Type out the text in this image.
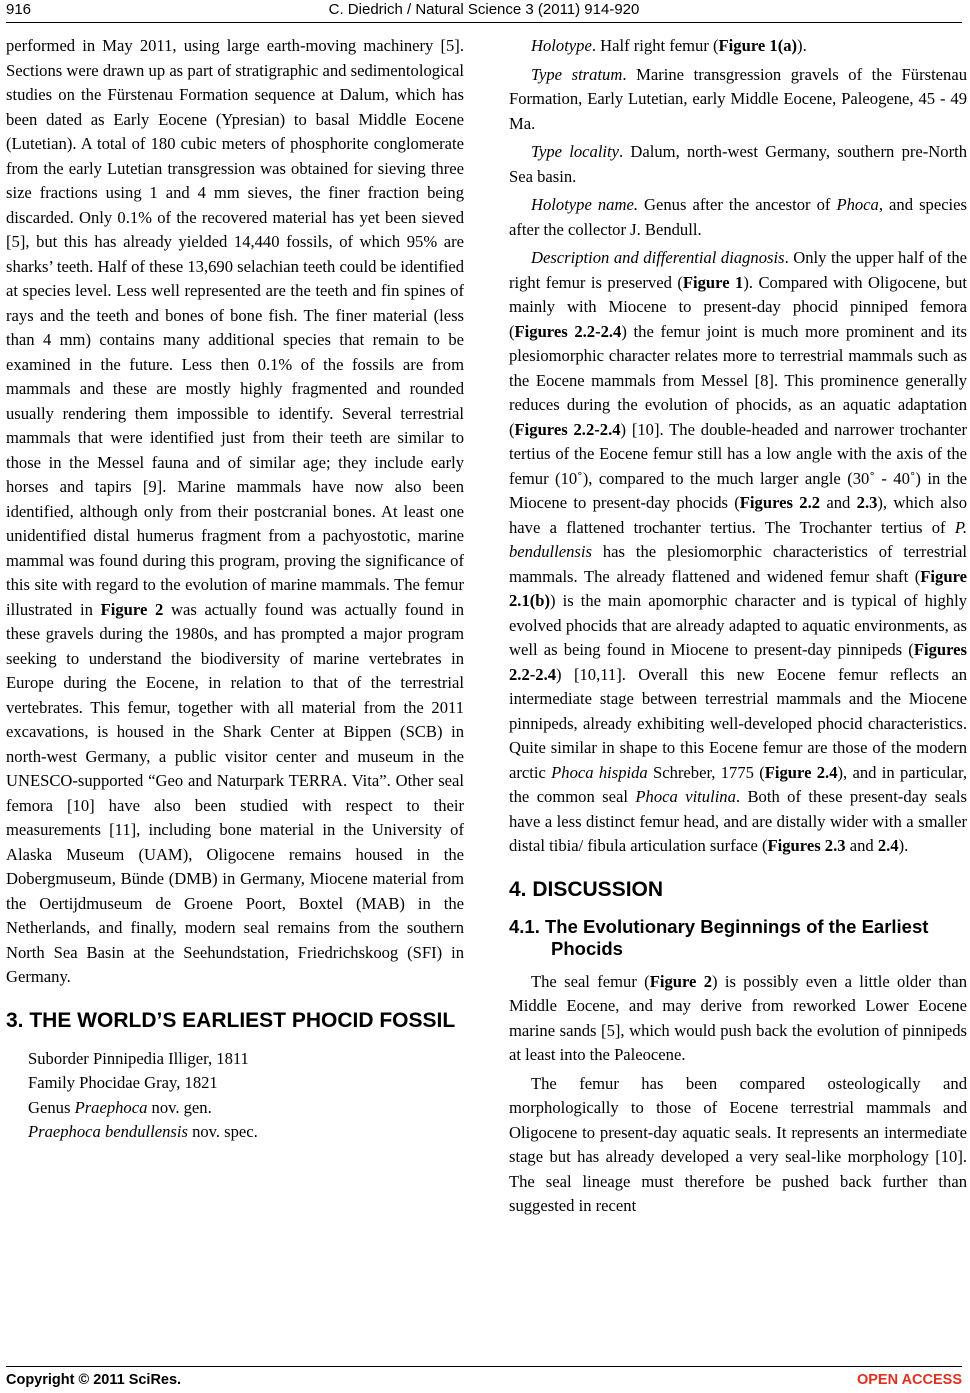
916	C. Diedrich / Natural Science 3 (2011) 914-920

performed in May 2011, using large earth-moving machinery [5]. Sections were drawn up as part of stratigraphic and sedimentological studies on the Fürstenau Formation sequence at Dalum, which has been dated as Early Eocene (Ypresian) to basal Middle Eocene (Lutetian). A total of 180 cubic meters of phosphorite conglomerate from the early Lutetian transgression was obtained for sieving three size fractions using 1 and 4 mm sieves, the finer fraction being discarded. Only 0.1% of the recovered material has yet been sieved [5], but this has already yielded 14,440 fossils, of which 95% are sharks’ teeth. Half of these 13,690 selachian teeth could be identified at species level. Less well represented are the teeth and fin spines of rays and the teeth and bones of bone fish. The finer material (less than 4 mm) contains many additional species that remain to be examined in the future. Less then 0.1% of the fossils are from mammals and these are mostly highly fragmented and rounded usually rendering them impossible to identify. Several terrestrial mammals that were identified just from their teeth are similar to those in the Messel fauna and of similar age; they include early horses and tapirs [9]. Marine mammals have now also been identified, although only from their postcranial bones. At least one unidentified distal humerus fragment from a pachyostotic, marine mammal was found during this program, proving the significance of this site with regard to the evolution of marine mammals. The femur illustrated in Figure 2 was actually found was actually found in these gravels during the 1980s, and has prompted a major program seeking to understand the biodiversity of marine vertebrates in Europe during the Eocene, in relation to that of the terrestrial vertebrates. This femur, together with all material from the 2011 excavations, is housed in the Shark Center at Bippen (SCB) in north-west Germany, a public visitor center and museum in the UNESCO-supported “Geo and Naturpark TERRA. Vita”. Other seal femora [10] have also been studied with respect to their measurements [11], including bone material in the University of Alaska Museum (UAM), Oligocene remains housed in the Dobergmuseum, Bünde (DMB) in Germany, Miocene material from the Oertijdmuseum de Groene Poort, Boxtel (MAB) in the Netherlands, and finally, modern seal remains from the southern North Sea Basin at the Seehundstation, Friedrichskoog (SFI) in Germany.

3. THE WORLD’S EARLIEST PHOCID FOSSIL

Suborder Pinnipedia Illiger, 1811

Family Phocidae Gray, 1821

Genus Praephoca nov. gen.

Praephoca bendullensis nov. spec.

Holotype. Half right femur (Figure 1(a)).

Type stratum. Marine transgression gravels of the Fürstenau Formation, Early Lutetian, early Middle Eocene, Paleogene, 45 - 49 Ma.

Type locality. Dalum, north-west Germany, southern pre-North Sea basin.

Holotype name. Genus after the ancestor of Phoca, and species after the collector J. Bendull.

Description and differential diagnosis. Only the upper half of the right femur is preserved (Figure 1). Compared with Oligocene, but mainly with Miocene to present-day phocid pinniped femora (Figures 2.2-2.4) the femur joint is much more prominent and its plesiomorphic character relates more to terrestrial mammals such as the Eocene mammals from Messel [8]. This prominence generally reduces during the evolution of phocids, as an aquatic adaptation (Figures 2.2-2.4) [10]. The double-headed and narrower trochanter tertius of the Eocene femur still has a low angle with the axis of the femur (10˚), compared to the much larger angle (30˚ - 40˚) in the Miocene to present-day phocids (Figures 2.2 and 2.3), which also have a flattened trochanter tertius. The Trochanter tertius of P. bendullensis has the plesiomorphic characteristics of terrestrial mammals. The already flattened and widened femur shaft (Figure 2.1(b)) is the main apomorphic character and is typical of highly evolved phocids that are already adapted to aquatic environments, as well as being found in Miocene to present-day pinnipeds (Figures 2.2-2.4) [10,11]. Overall this new Eocene femur reflects an intermediate stage between terrestrial mammals and the Miocene pinnipeds, already exhibiting well-developed phocid characteristics. Quite similar in shape to this Eocene femur are those of the modern arctic Phoca hispida Schreber, 1775 (Figure 2.4), and in particular, the common seal Phoca vitulina. Both of these present-day seals have a less distinct femur head, and are distally wider with a smaller distal tibia/ fibula articulation surface (Figures 2.3 and 2.4).

4. DISCUSSION
4.1. The Evolutionary Beginnings of the Earliest Phocids

The seal femur (Figure 2) is possibly even a little older than Middle Eocene, and may derive from reworked Lower Eocene marine sands [5], which would push back the evolution of pinnipeds at least into the Paleocene.

The femur has been compared osteologically and morphologically to those of Eocene terrestrial mammals and Oligocene to present-day aquatic seals. It represents an intermediate stage but has already developed a very seal-like morphology [10]. The seal lineage must therefore be pushed back further than suggested in recent

Copyright © 2011 SciRes.	OPEN ACCESS
